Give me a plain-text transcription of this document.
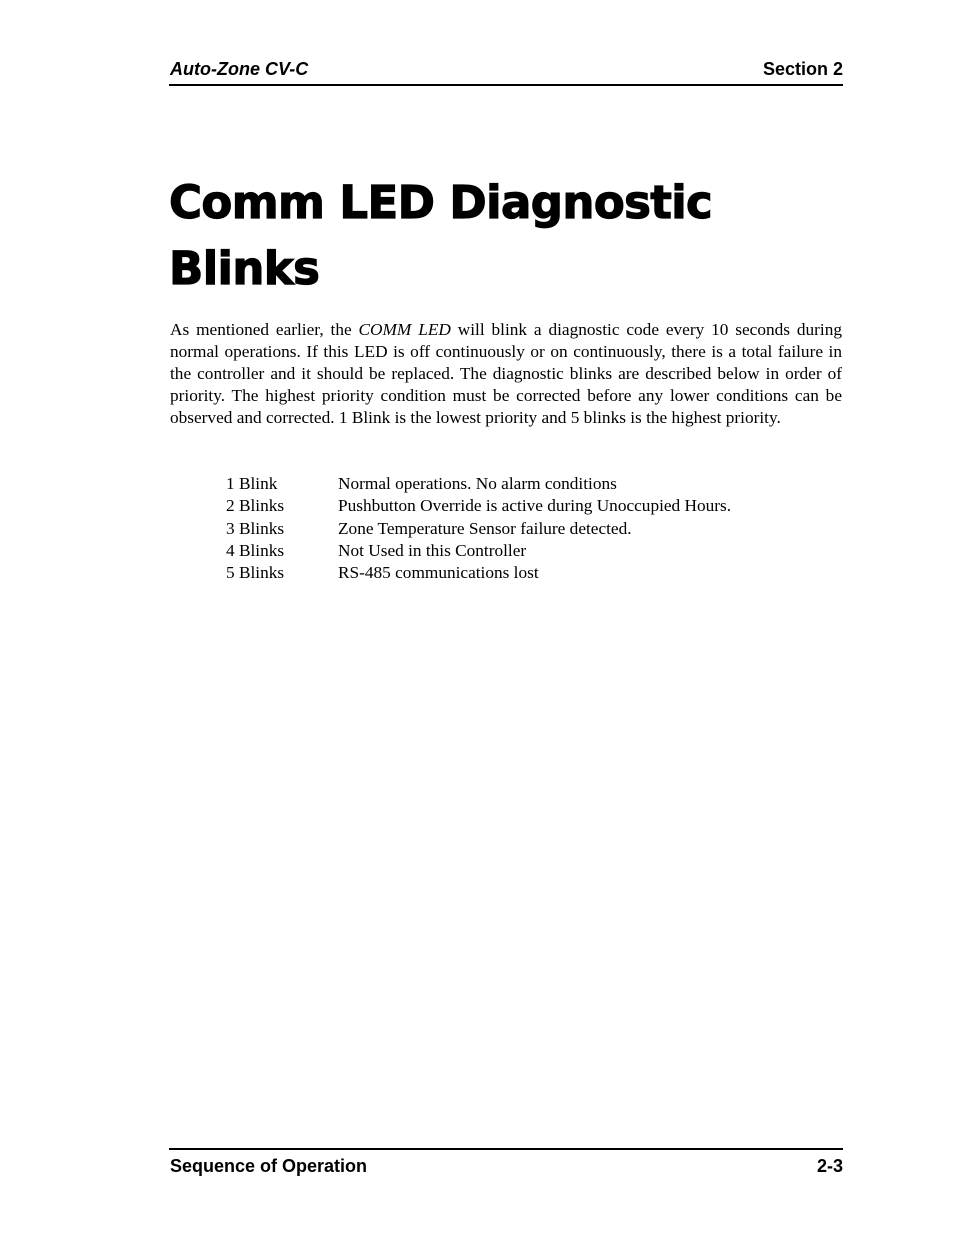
Auto-Zone CV-C	Section 2
Comm LED Diagnostic Blinks

As mentioned earlier, the COMM LED will blink a diagnostic code every 10 seconds during normal operations. If this LED is off continuously or on continuously, there is a total failure in the controller and it should be replaced. The diagnostic blinks are described below in order of priority. The highest priority condition must be corrected before any lower conditions can be observed and corrected. 1 Blink is the lowest priority and 5 blinks is the highest priority.

1 Blink	Normal operations. No alarm conditions
2 Blinks	Pushbutton Override is active during Unoccupied Hours.
3 Blinks	Zone Temperature Sensor failure detected.
4 Blinks	Not Used in this Controller
5 Blinks	RS-485 communications lost
Sequence of Operation	2-3
